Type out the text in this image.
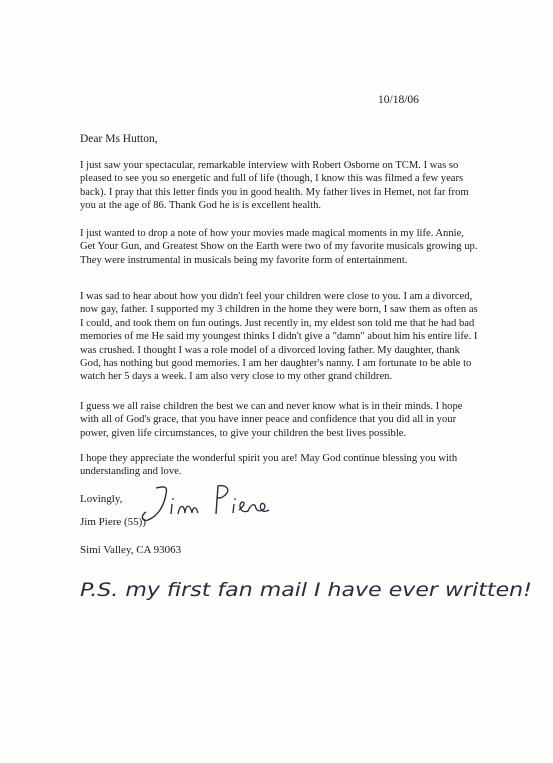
10/18/06
Dear Ms Hutton,
I just saw your spectacular, remarkable interview with Robert Osborne on TCM. I was so pleased to see you so energetic and full of life (though, I know this was filmed a few years back). I pray that this letter finds you in good health. My father lives in Hemet, not far from you at the age of 86. Thank God he is is excellent health.
I just wanted to drop a note of how your movies made magical moments in my life. Annie, Get Your Gun, and Greatest Show on the Earth were two of my favorite musicals growing up. They were instrumental in musicals being my favorite form of entertainment.
I was sad to hear about how you didn't feel your children were close to you. I am a divorced, now gay, father. I supported my 3 children in the home they were born, I saw them as often as I could, and took them on fun outings. Just recently in, my eldest son told me that he had bad memories of me He said my youngest thinks I didn't give a "damn" about him his entire life. I was crushed. I thought I was a role model of a divorced loving father. My daughter, thank God, has nothing but good memories. I am her daughter's nanny. I am fortunate to be able to watch her 5 days a week. I am also very close to my other grand children.
I guess we all raise children the best we can and never know what is in their minds. I hope with all of God's grace, that you have inner peace and confidence that you did all in your power, given life circumstances, to give your children the best lives possible.
I hope they appreciate the wonderful spirit you are! May God continue blessing you with understanding and love.
Lovingly,
Jim Piere (55))
Simi Valley, CA 93063
P.S. my first fan mail I have ever written!
